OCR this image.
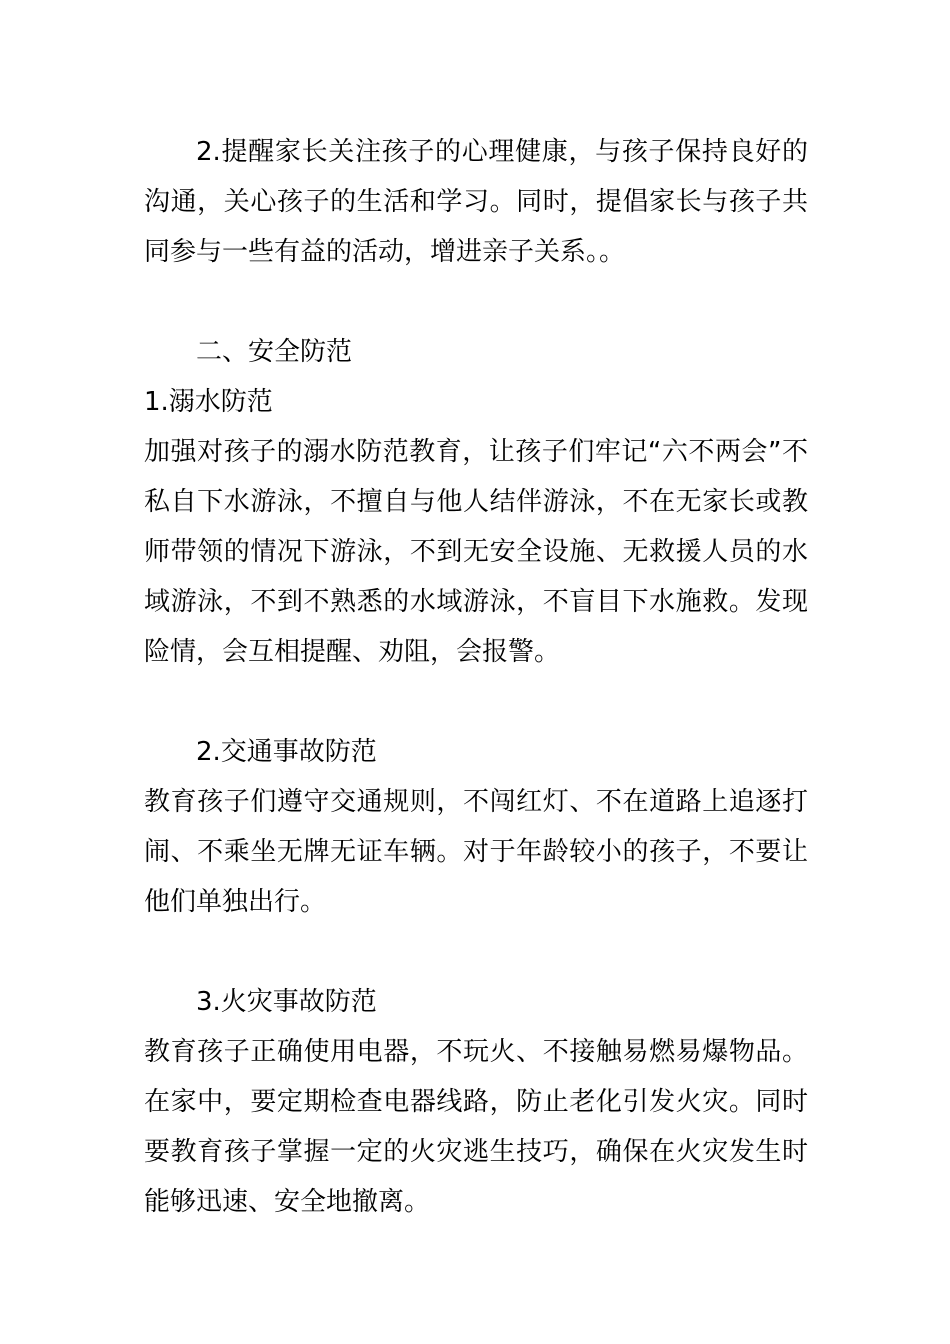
2.提醒家长关注孩子的心理健康，与孩子保持良好的沟通，关心孩子的生活和学习。同时，提倡家长与孩子共同参与一些有益的活动，增进亲子关系。。

二、安全防范

1.溺水防范

加强对孩子的溺水防范教育，让孩子们牢记“六不两会”不私自下水游泳，不擅自与他人结伴游泳，不在无家长或教师带领的情况下游泳，不到无安全设施、无救援人员的水域游泳，不到不熟悉的水域游泳，不盲目下水施救。发现险情，会互相提醒、劝阻，会报警。

2.交通事故防范

教育孩子们遵守交通规则，不闯红灯、不在道路上追逐打闹、不乘坐无牌无证车辆。对于年龄较小的孩子，不要让他们单独出行。

3.火灾事故防范

教育孩子正确使用电器，不玩火、不接触易燃易爆物品。在家中，要定期检查电器线路，防止老化引发火灾。同时要教育孩子掌握一定的火灾逃生技巧，确保在火灾发生时能够迅速、安全地撤离。
